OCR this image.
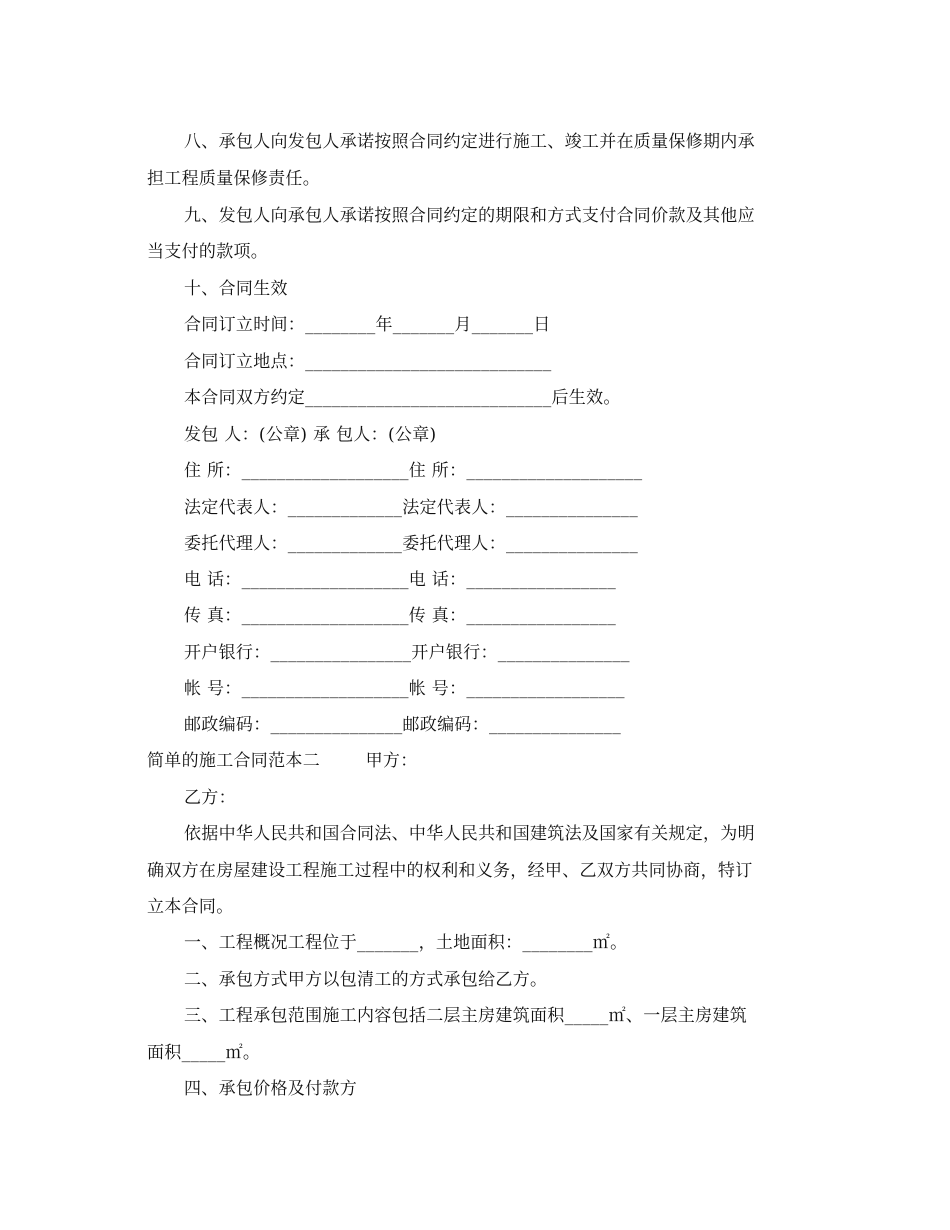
八、承包人向发包人承诺按照合同约定进行施工、竣工并在质量保修期内承
担工程质量保修责任。
九、发包人向承包人承诺按照合同约定的期限和方式支付合同价款及其他应
当支付的款项。
十、合同生效
合同订立时间：________年_______月_______日
合同订立地点：____________________________
本合同双方约定____________________________后生效。
发包 人：(公章) 承 包人：(公章)
住 所：___________________住 所：____________________
法定代表人：_____________法定代表人：_______________
委托代理人：_____________委托代理人：_______________
电 话：___________________电 话：_________________
传 真：___________________传 真：_________________
开户银行：________________开户银行：_______________
帐 号：___________________帐 号：__________________
邮政编码：_______________邮政编码：_______________
简单的施工合同范本二        甲方：
乙方：
依据中华人民共和国合同法、中华人民共和国建筑法及国家有关规定，为明
确双方在房屋建设工程施工过程中的权利和义务，经甲、乙双方共同协商，特订
立本合同。
一、工程概况工程位于_______，土地面积：________㎡。
二、承包方式甲方以包清工的方式承包给乙方。
三、工程承包范围施工内容包括二层主房建筑面积_____㎡、一层主房建筑
面积_____㎡。
四、承包价格及付款方
